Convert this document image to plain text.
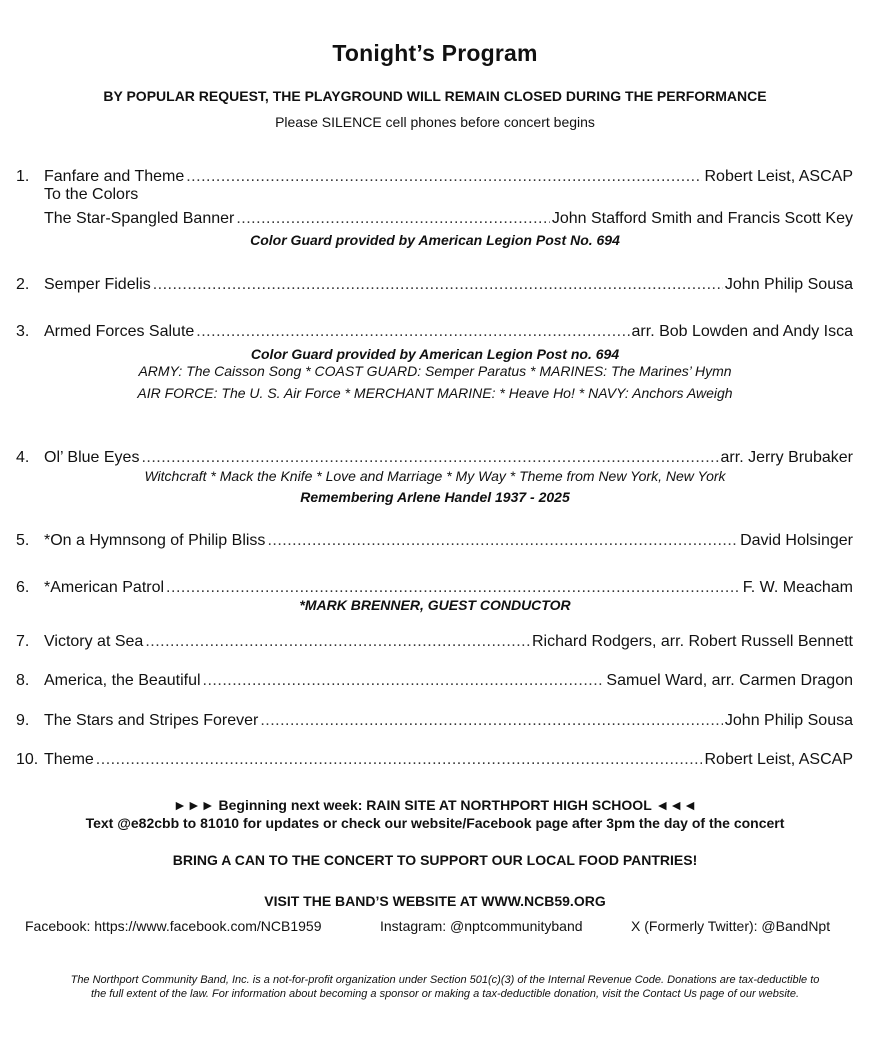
Tonight’s Program
BY POPULAR REQUEST, THE PLAYGROUND WILL REMAIN CLOSED DURING THE PERFORMANCE
Please SILENCE cell phones before concert begins
1. Fanfare and Theme .....	Robert Leist, ASCAP
To the Colors
The Star-Spangled Banner .....	John Stafford Smith and Francis Scott Key
Color Guard provided by American Legion Post No. 694
2. Semper Fidelis .....	John Philip Sousa
3. Armed Forces Salute .....	arr. Bob Lowden and Andy Isca
Color Guard provided by American Legion Post no. 694
ARMY: The Caisson Song * COAST GUARD: Semper Paratus * MARINES: The Marines’ Hymn
AIR FORCE: The U. S. Air Force * MERCHANT MARINE: * Heave Ho! * NAVY: Anchors Aweigh
4. Ol’ Blue Eyes .....	arr. Jerry Brubaker
Witchcraft * Mack the Knife * Love and Marriage * My Way * Theme from New York, New York
Remembering Arlene Handel 1937 - 2025
5. *On a Hymnsong of Philip Bliss .....	David Holsinger
6. *American Patrol .....	F. W. Meacham
*MARK BRENNER, GUEST CONDUCTOR
7. Victory at Sea .....	Richard Rodgers, arr. Robert Russell Bennett
8. America, the Beautiful .....	Samuel Ward, arr. Carmen Dragon
9. The Stars and Stripes Forever .....	John Philip Sousa
10. Theme .....	Robert Leist, ASCAP
►►► Beginning next week: RAIN SITE AT NORTHPORT HIGH SCHOOL ◄◄◄
Text @e82cbb to 81010 for updates or check our website/Facebook page after 3pm the day of the concert
BRING A CAN TO THE CONCERT TO SUPPORT OUR LOCAL FOOD PANTRIES!
VISIT THE BAND’S WEBSITE AT WWW.NCB59.ORG
Facebook: https://www.facebook.com/NCB1959	Instagram: @nptcommunityband	X (Formerly Twitter): @BandNpt
The Northport Community Band, Inc. is a not-for-profit organization under Section 501(c)(3) of the Internal Revenue Code. Donations are tax-deductible to
the full extent of the law. For information about becoming a sponsor or making a tax-deductible donation, visit the Contact Us page of our website.
